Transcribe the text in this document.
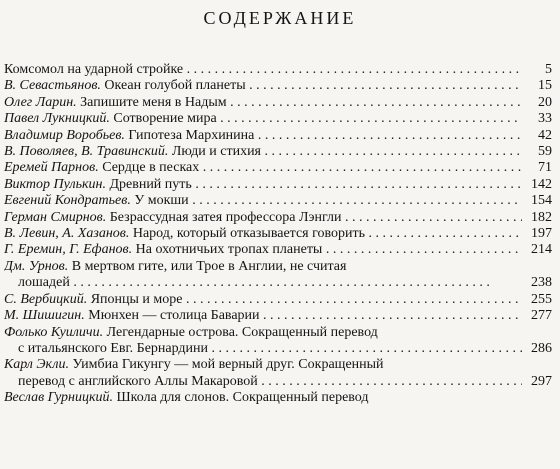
СОДЕРЖАНИЕ
Комсомол на ударной стройке . . .	5
В. Севастьянов. Океан голубой планеты . . .	15
Олег Ларин. Запишите меня в Надым . . .	20
Павел Лукницкий. Сотворение мира . . .	33
Владимир Воробьев. Гипотеза Мархинина . . .	42
В. Поволяев, В. Травинский. Люди и стихия . . .	59
Еремей Парнов. Сердце в песках . . .	71
Виктор Пулькин. Древний путь . . .	142
Евгений Кондратьев. У мокши . . .	154
Герман Смирнов. Безрассудная затея профессора Лэнгли . . .	182
В. Левин, А. Хазанов. Народ, который отказывается говорить . . .	197
Г. Еремин, Г. Ефанов. На охотничьих тропах планеты . . .	214
Дм. Урнов. В мертвом гите, или Трое в Англии, не считая
лошадей . . .	238
С. Вербицкий. Японцы и море . . .	255
М. Шишигин. Мюнхен — столица Баварии . . .	277
Фолько Куиличи. Легендарные острова. Сокращенный перевод
с итальянского Евг. Бернардини . . .	286
Карл Экли. Уимбиа Гикунгу — мой верный друг. Сокращенный
перевод с английского Аллы Макаровой . . .	297
Веслав Гурницкий. Школа для слонов. Сокращенный перевод
